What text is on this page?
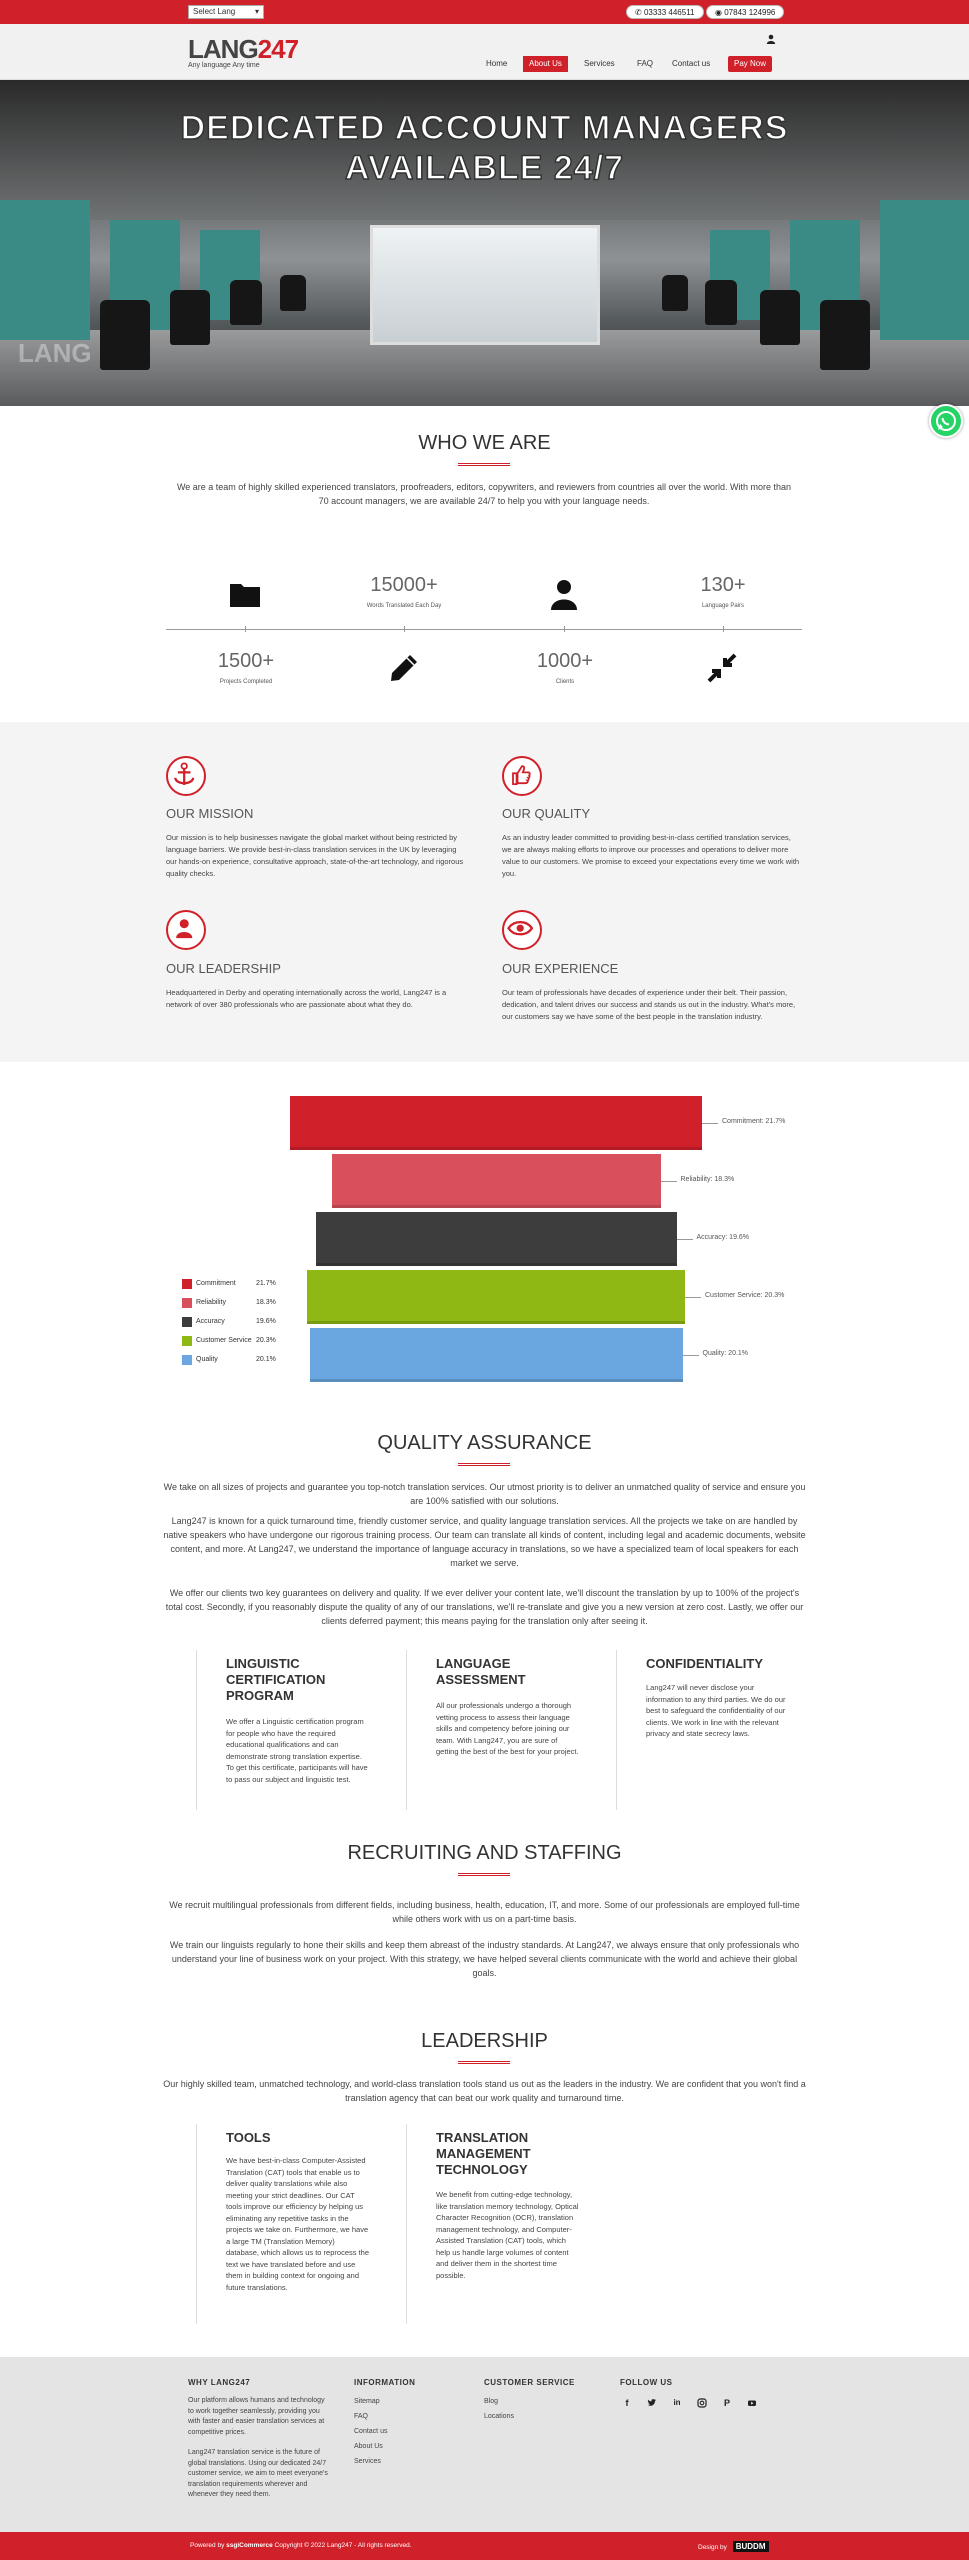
Select Lang ▾	✆ 03333 446511	◉ 07843 124996
LANG247
Any language Any time	Home	About Us	Services	FAQ	Contact us	Pay Now
DEDICATED ACCOUNT MANAGERS
AVAILABLE 24/7
LANG
WHO WE ARE
We are a team of highly skilled experienced translators, proofreaders, editors, copywriters, and reviewers from countries all over the world. With more than 70 account managers, we are available 24/7 to help you with your language needs.
15000+
Words Translated Each Day
130+
Language Pairs
1500+
Projects Completed
1000+
Clients
OUR MISSION
Our mission is to help businesses navigate the global market without being restricted by language barriers. We provide best-in-class translation services in the UK by leveraging our hands-on experience, consultative approach, state-of-the-art technology, and rigorous quality checks.
OUR QUALITY
As an industry leader committed to providing best-in-class certified translation services, we are always making efforts to improve our processes and operations to deliver more value to our customers. We promise to exceed your expectations every time we work with you.
OUR LEADERSHIP
Headquartered in Derby and operating internationally across the world, Lang247 is a network of over 380 professionals who are passionate about what they do.
OUR EXPERIENCE
Our team of professionals have decades of experience under their belt. Their passion, dedication, and talent drives our success and stands us out in the industry. What's more, our customers say we have some of the best people in the translation industry.
Commitment: 21.7%
Reliability: 18.3%
Accuracy: 19.6%
Customer Service: 20.3%
Quality: 20.1%
Commitment	21.7%
Reliability	18.3%
Accuracy	19.6%
Customer Service 20.3%
Quality	20.1%
QUALITY ASSURANCE
We take on all sizes of projects and guarantee you top-notch translation services. Our utmost priority is to deliver an unmatched quality of service and ensure you are 100% satisfied with our solutions.
Lang247 is known for a quick turnaround time, friendly customer service, and quality language translation services. All the projects we take on are handled by native speakers who have undergone our rigorous training process. Our team can translate all kinds of content, including legal and academic documents, website content, and more. At Lang247, we understand the importance of language accuracy in translations, so we have a specialized team of local speakers for each market we serve.
We offer our clients two key guarantees on delivery and quality. If we ever deliver your content late, we'll discount the translation by up to 100% of the project's total cost. Secondly, if you reasonably dispute the quality of any of our translations, we'll re-translate and give you a new version at zero cost. Lastly, we offer our clients deferred payment; this means paying for the translation only after seeing it.
LINGUISTIC CERTIFICATION PROGRAM
We offer a Linguistic certification program for people who have the required educational qualifications and can demonstrate strong translation expertise. To get this certificate, participants will have to pass our subject and linguistic test.
LANGUAGE ASSESSMENT
All our professionals undergo a thorough vetting process to assess their language skills and competency before joining our team. With Lang247, you are sure of getting the best of the best for your project.
CONFIDENTIALITY
Lang247 will never disclose your information to any third parties. We do our best to safeguard the confidentiality of our clients. We work in line with the relevant privacy and state secrecy laws.
RECRUITING AND STAFFING
We recruit multilingual professionals from different fields, including business, health, education, IT, and more. Some of our professionals are employed full-time while others work with us on a part-time basis.
We train our linguists regularly to hone their skills and keep them abreast of the industry standards. At Lang247, we always ensure that only professionals who understand your line of business work on your project. With this strategy, we have helped several clients communicate with the world and achieve their global goals.
LEADERSHIP
Our highly skilled team, unmatched technology, and world-class translation tools stand us out as the leaders in the industry. We are confident that you won't find a translation agency that can beat our work quality and turnaround time.
TOOLS
We have best-in-class Computer-Assisted Translation (CAT) tools that enable us to deliver quality translations while also meeting your strict deadlines. Our CAT tools improve our efficiency by helping us eliminating any repetitive tasks in the projects we take on. Furthermore, we have a large TM (Translation Memory) database, which allows us to reprocess the text we have translated before and use them in building context for ongoing and future translations.
TRANSLATION MANAGEMENT TECHNOLOGY
We benefit from cutting-edge technology, like translation memory technology, Optical Character Recognition (OCR), translation management technology, and Computer-Assisted Translation (CAT) tools, which help us handle large volumes of content and deliver them in the shortest time possible.
WHY LANG247
Our platform allows humans and technology to work together seamlessly, providing you with faster and easier translation services at competitive prices.
Lang247 translation service is the future of global translations. Using our dedicated 24/7 customer service, we aim to meet everyone's translation requirements wherever and whenever they need them.
INFORMATION
Sitemap
FAQ
Contact us
About Us
Services
CUSTOMER SERVICE
Blog
Locations
FOLLOW US
f	in	P
Powered by ssgiCommerce Copyright © 2022 Lang247 - All rights reserved.	Design by BUDDM
